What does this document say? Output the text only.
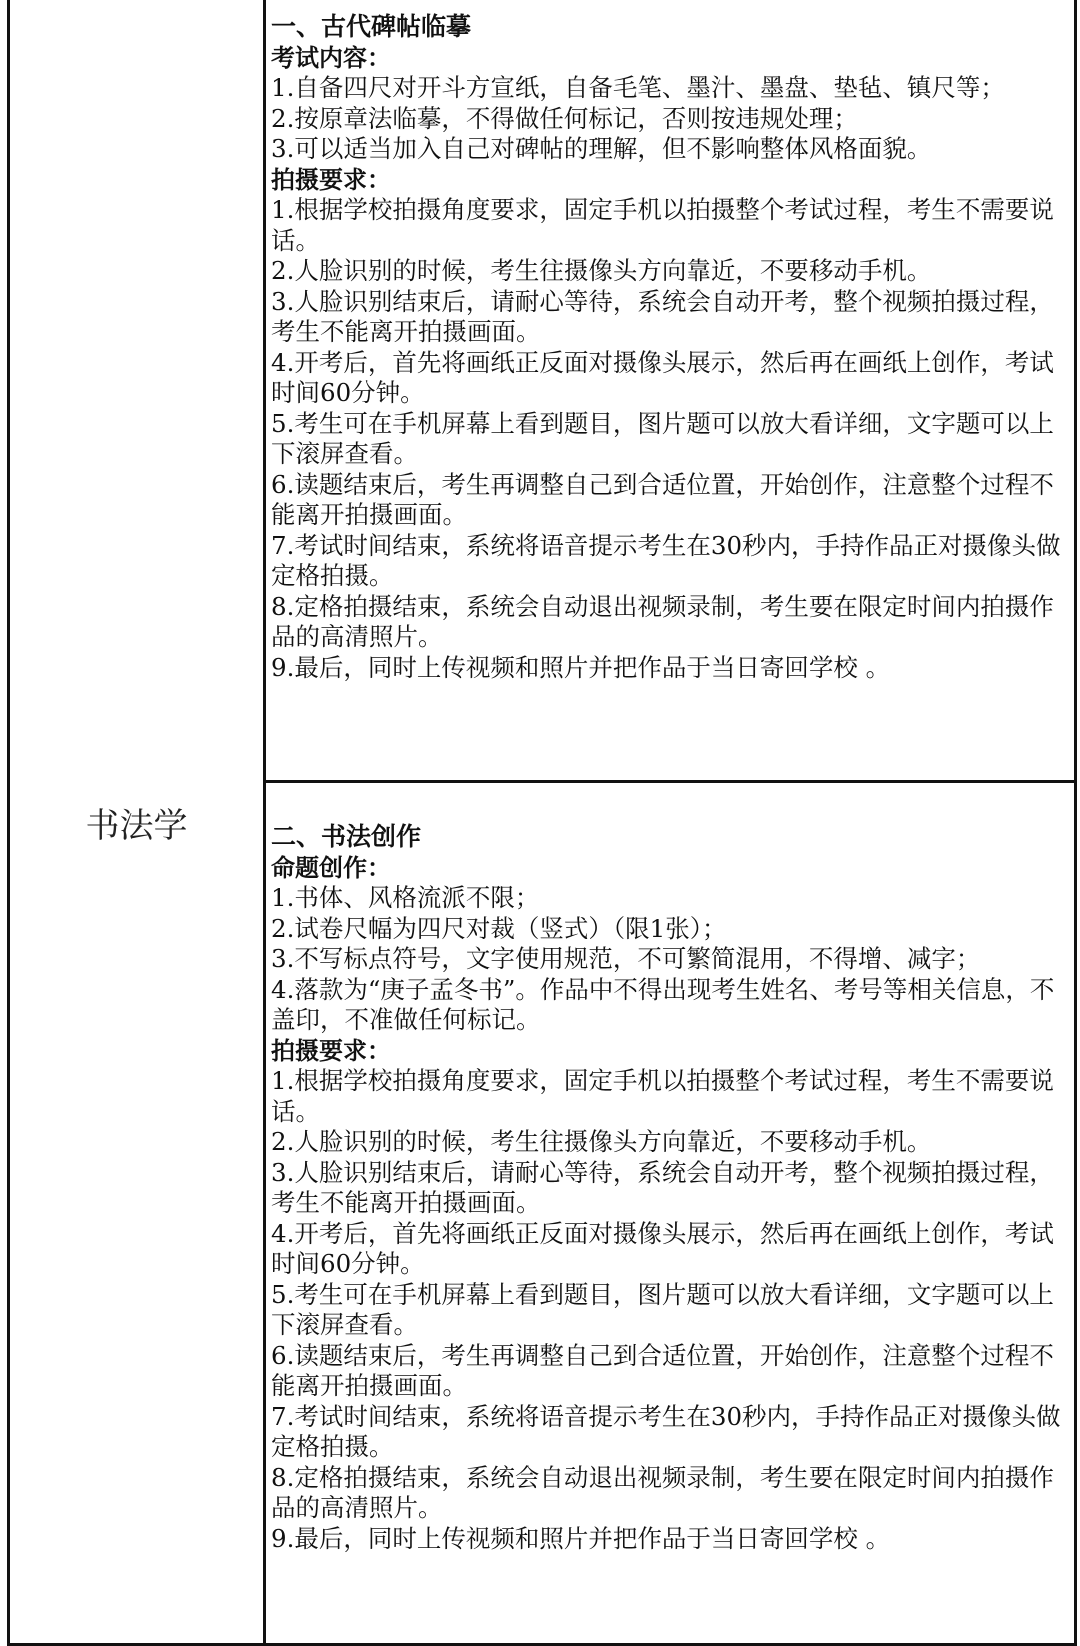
书法学

一、古代碑帖临摹

考试内容：

1.自备四尺对开斗方宣纸，自备毛笔、墨汁、墨盘、垫毡、镇尺等；

2.按原章法临摹，不得做任何标记，否则按违规处理；

3.可以适当加入自己对碑帖的理解，但不影响整体风格面貌。

拍摄要求：

1.根据学校拍摄角度要求，固定手机以拍摄整个考试过程，考生不需要说话。

2.人脸识别的时候，考生往摄像头方向靠近，不要移动手机。

3.人脸识别结束后，请耐心等待，系统会自动开考，整个视频拍摄过程，考生不能离开拍摄画面。

4.开考后，首先将画纸正反面对摄像头展示，然后再在画纸上创作，考试时间60分钟。

5.考生可在手机屏幕上看到题目，图片题可以放大看详细，文字题可以上下滚屏查看。

6.读题结束后，考生再调整自己到合适位置，开始创作，注意整个过程不能离开拍摄画面。

7.考试时间结束，系统将语音提示考生在30秒内，手持作品正对摄像头做定格拍摄。

8.定格拍摄结束，系统会自动退出视频录制，考生要在限定时间内拍摄作品的高清照片。

9.最后，同时上传视频和照片并把作品于当日寄回学校 。

二、书法创作

命题创作：

1.书体、风格流派不限；

2.试卷尺幅为四尺对裁（竖式）（限1张）；

3.不写标点符号，文字使用规范，不可繁简混用，不得增、减字；

4.落款为“庚子孟冬书”。作品中不得出现考生姓名、考号等相关信息，不盖印，不准做任何标记。

拍摄要求：

1.根据学校拍摄角度要求，固定手机以拍摄整个考试过程，考生不需要说话。

2.人脸识别的时候，考生往摄像头方向靠近，不要移动手机。

3.人脸识别结束后，请耐心等待，系统会自动开考，整个视频拍摄过程，考生不能离开拍摄画面。

4.开考后，首先将画纸正反面对摄像头展示，然后再在画纸上创作，考试时间60分钟。

5.考生可在手机屏幕上看到题目，图片题可以放大看详细，文字题可以上下滚屏查看。

6.读题结束后，考生再调整自己到合适位置，开始创作，注意整个过程不能离开拍摄画面。

7.考试时间结束，系统将语音提示考生在30秒内，手持作品正对摄像头做定格拍摄。

8.定格拍摄结束，系统会自动退出视频录制，考生要在限定时间内拍摄作品的高清照片。

9.最后，同时上传视频和照片并把作品于当日寄回学校 。
